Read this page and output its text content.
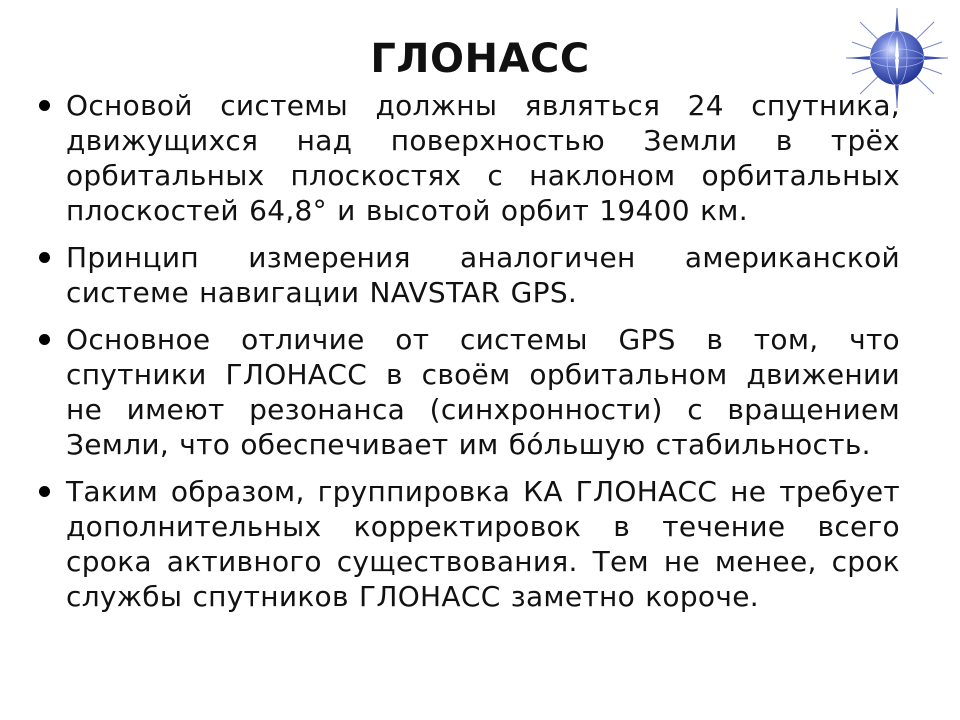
ГЛОНАСС
Основой системы должны являться 24 спутника, движущихся над поверхностью Земли в трёх орбитальных плоскостях с наклоном орбитальных плоскостей 64,8° и высотой орбит 19400 км.
Принцип измерения аналогичен американской системе навигации NAVSTAR GPS.
Основное отличие от системы GPS в том, что спутники ГЛОНАСС в своём орбитальном движении не имеют резонанса (синхронности) с вращением Земли, что обеспечивает им бóльшую стабильность.
Таким образом, группировка КА ГЛОНАСС не требует дополнительных корректировок в течение всего срока активного существования. Тем не менее, срок службы спутников ГЛОНАСС заметно короче.
